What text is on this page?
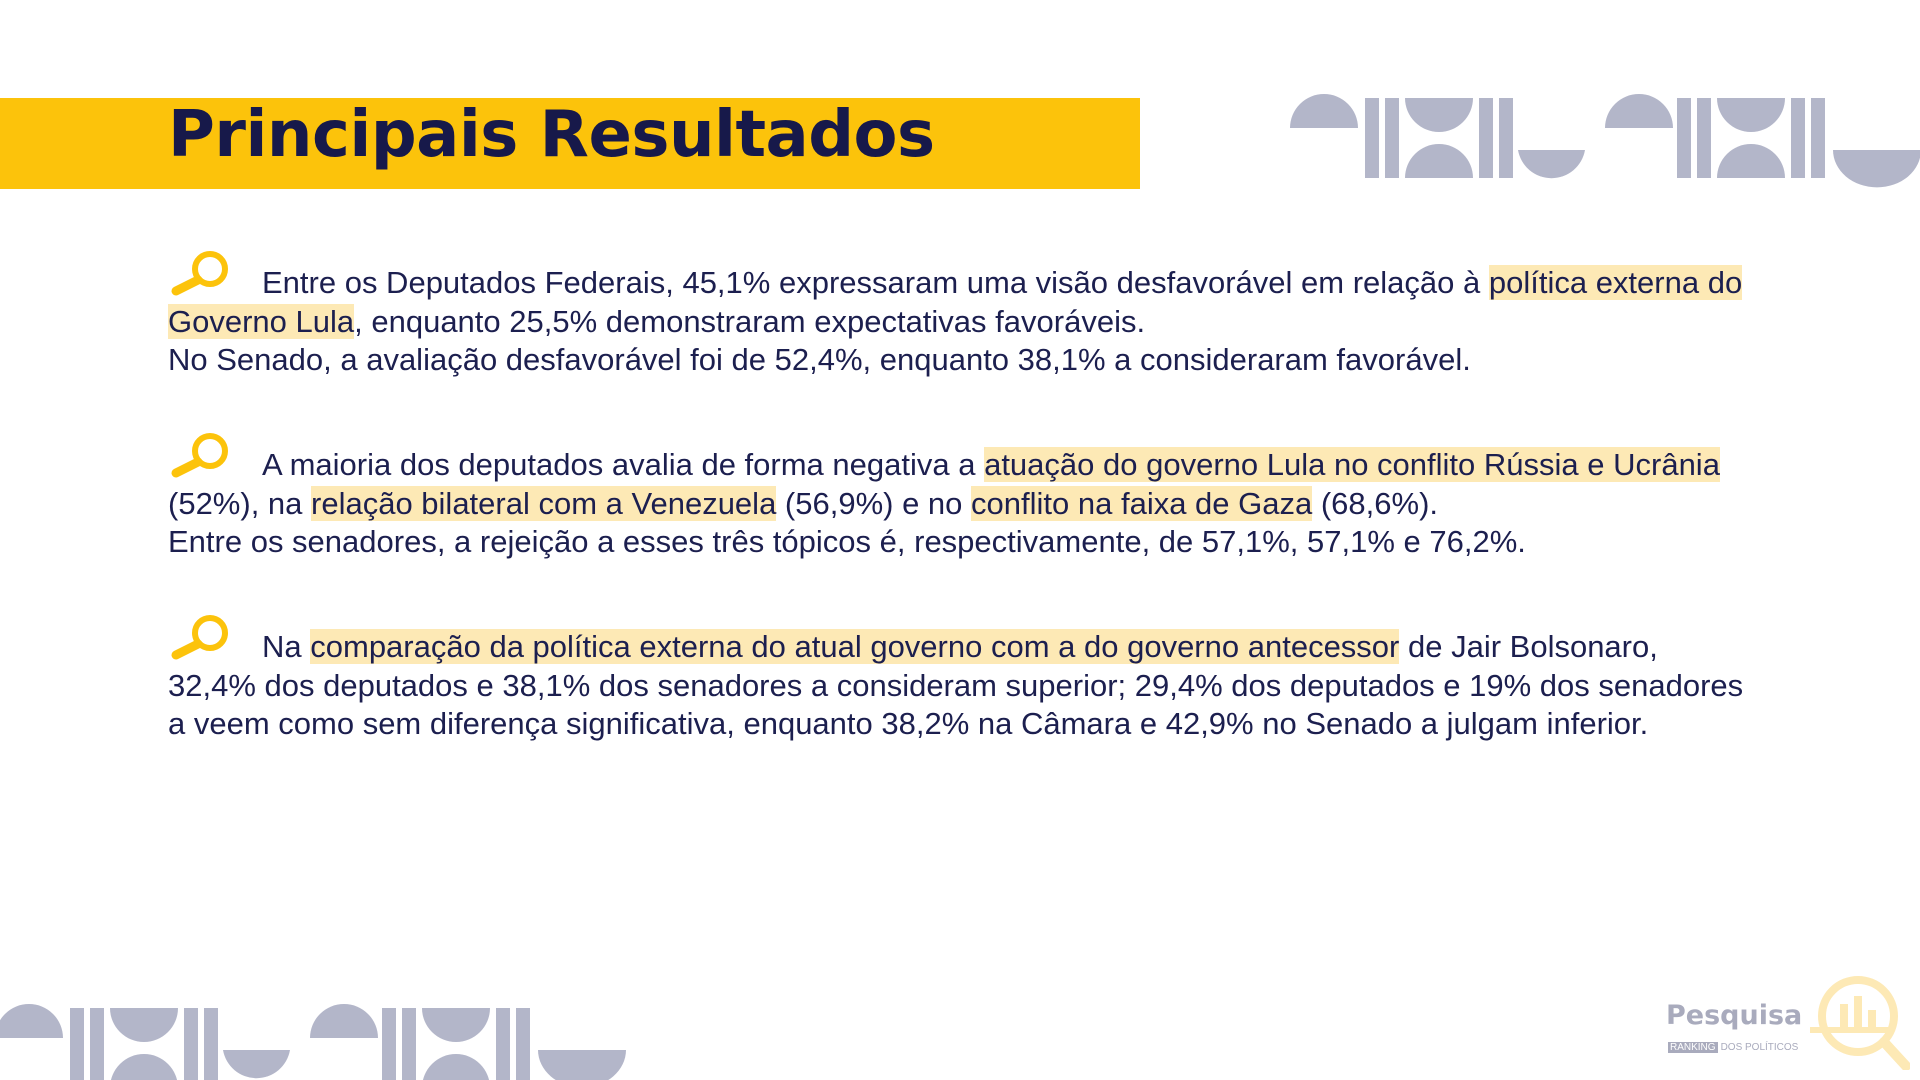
Principais Resultados

Entre os Deputados Federais, 45,1% expressaram uma visão desfavorável em relação à política externa do Governo Lula, enquanto 25,5% demonstraram expectativas favoráveis.
No Senado, a avaliação desfavorável foi de 52,4%, enquanto 38,1% a consideraram favorável.

A maioria dos deputados avalia de forma negativa a atuação do governo Lula no conflito Rússia e Ucrânia (52%), na relação bilateral com a Venezuela (56,9%) e no conflito na faixa de Gaza (68,6%).
Entre os senadores, a rejeição a esses três tópicos é, respectivamente, de 57,1%, 57,1% e 76,2%.

Na comparação da política externa do atual governo com a do governo antecessor de Jair Bolsonaro, 32,4% dos deputados e 38,1% dos senadores a consideram superior; 29,4% dos deputados e 19% dos senadores a veem como sem diferença significativa, enquanto 38,2% na Câmara e 42,9% no Senado a julgam inferior.

Pesquisa

RANKING DOS POLÍTICOS
